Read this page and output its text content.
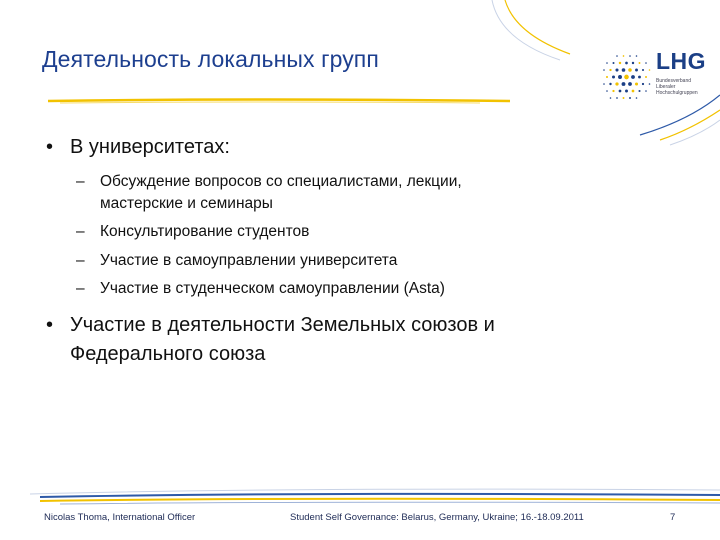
Деятельность локальных групп	LHG
Bundesverband
Liberaler
Hochschulgruppen
• В университетах:
– Обсуждение вопросов со специалистами, лекции,
мастерские и семинары
– Консультирование студентов
– Участие в самоуправлении университета
– Участие в студенческом самоуправлении (Asta)
• Участие в деятельности Земельных союзов и
Федерального союза
Nicolas Thoma, International Officer	Student Self Governance: Belarus, Germany, Ukraine; 16.-18.09.2011	7
